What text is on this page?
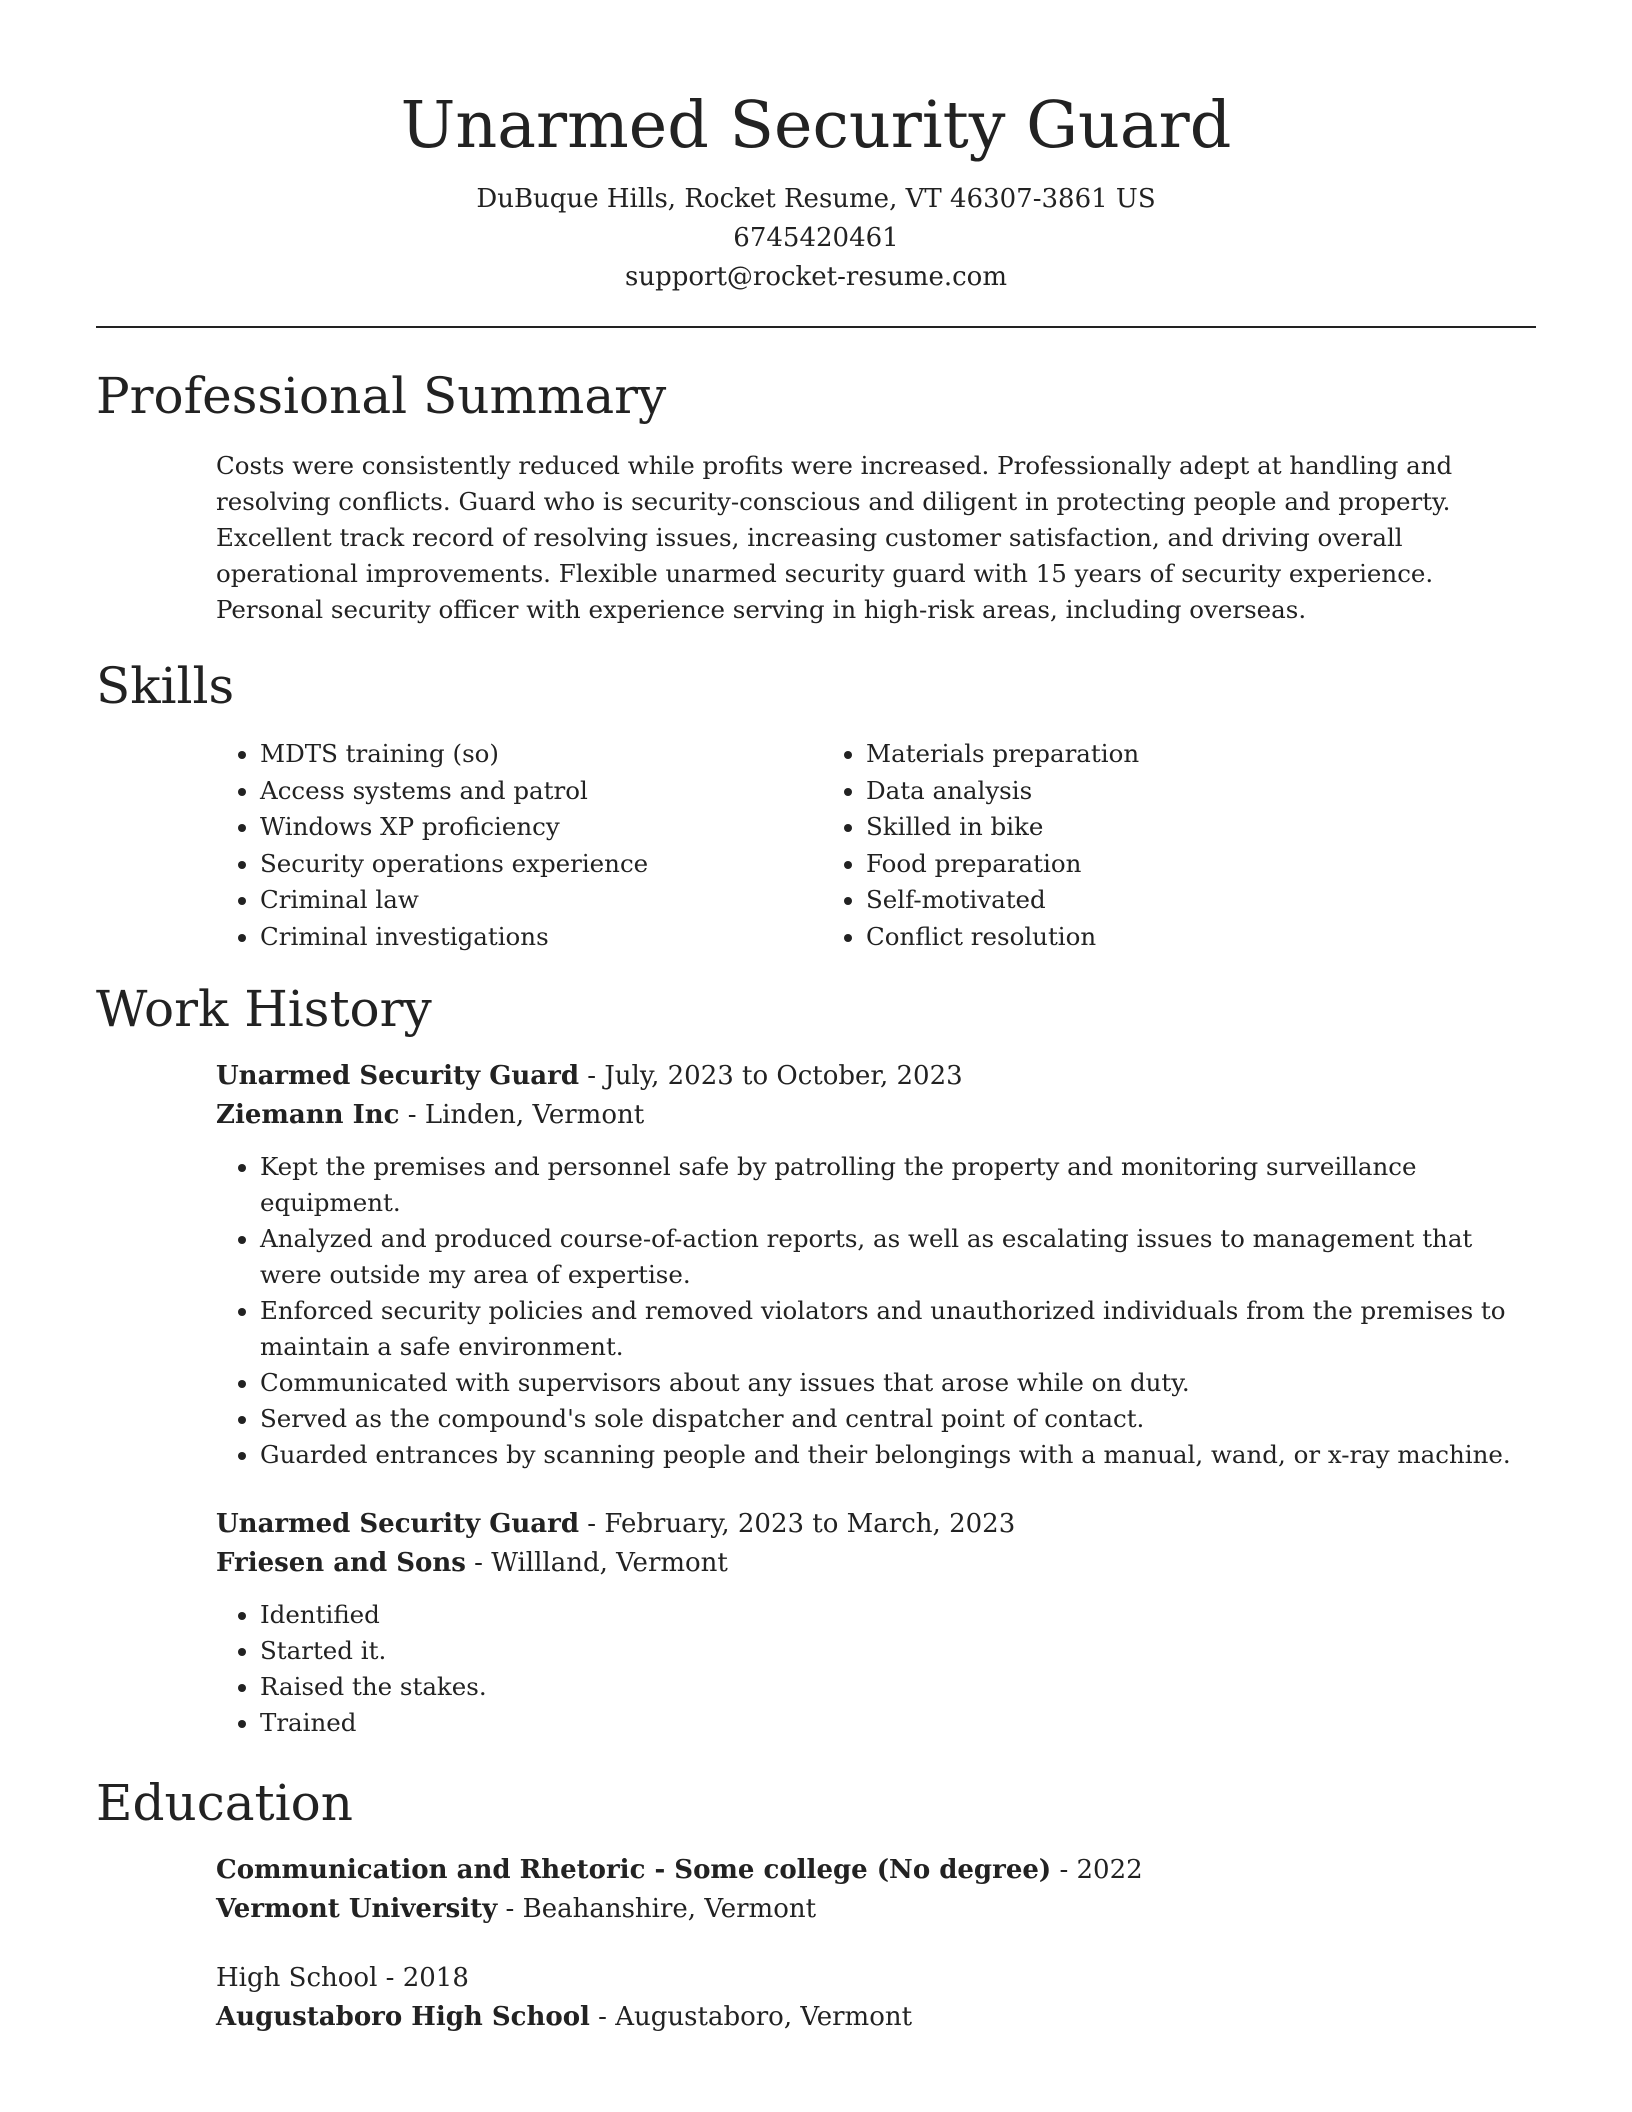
Unarmed Security Guard
DuBuque Hills, Rocket Resume, VT 46307-3861 US
6745420461
support@rocket-resume.com
Professional Summary

Costs were consistently reduced while profits were increased. Professionally adept at handling and resolving conflicts. Guard who is security-conscious and diligent in protecting people and property. Excellent track record of resolving issues, increasing customer satisfaction, and driving overall operational improvements. Flexible unarmed security guard with 15 years of security experience. Personal security officer with experience serving in high-risk areas, including overseas.

Skills
• MDTS training (so)
• Access systems and patrol
• Windows XP proficiency
• Security operations experience
• Criminal law
• Criminal investigations
• Materials preparation
• Data analysis
• Skilled in bike
• Food preparation
• Self-motivated
• Conflict resolution
Work History
Unarmed Security Guard - July, 2023 to October, 2023
Ziemann Inc - Linden, Vermont
• Kept the premises and personnel safe by patrolling the property and monitoring surveillance equipment.
• Analyzed and produced course-of-action reports, as well as escalating issues to management that were outside my area of expertise.
• Enforced security policies and removed violators and unauthorized individuals from the premises to maintain a safe environment.
• Communicated with supervisors about any issues that arose while on duty.
• Served as the compound's sole dispatcher and central point of contact.
• Guarded entrances by scanning people and their belongings with a manual, wand, or x-ray machine.
Unarmed Security Guard - February, 2023 to March, 2023
Friesen and Sons - Willland, Vermont
• Identified
• Started it.
• Raised the stakes.
• Trained
Education
Communication and Rhetoric - Some college (No degree) - 2022
Vermont University - Beahanshire, Vermont
High School - 2018
Augustaboro High School - Augustaboro, Vermont
